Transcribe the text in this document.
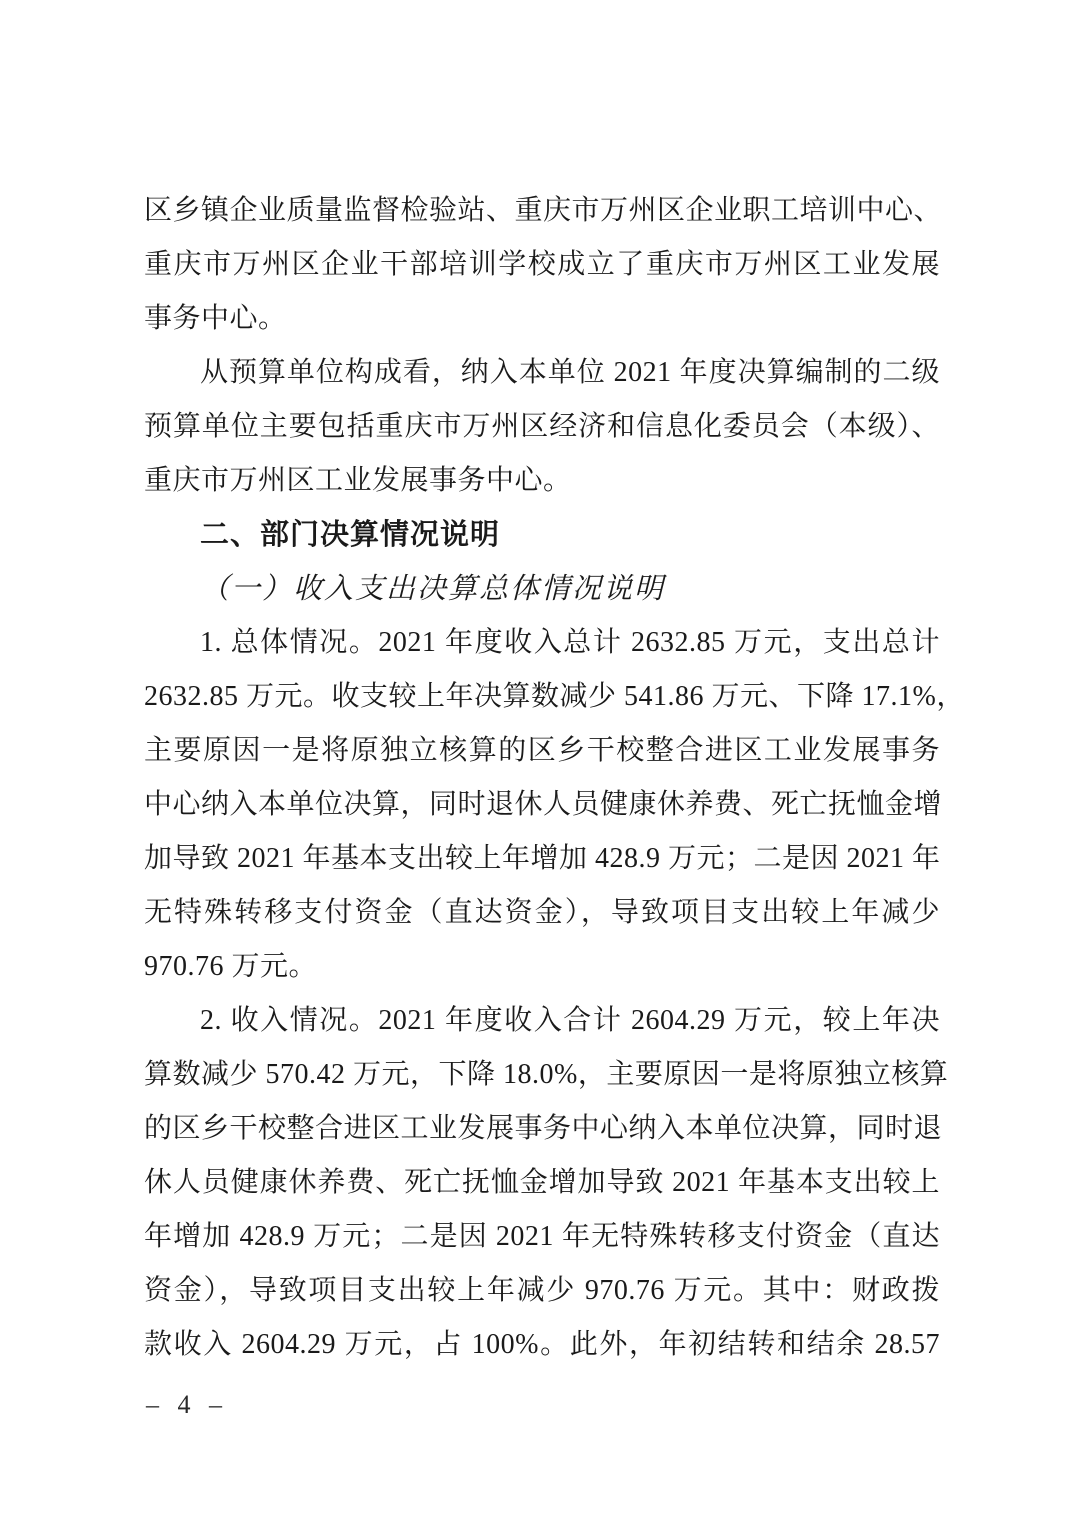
区乡镇企业质量监督检验站、重庆市万州区企业职工培训中心、
重庆市万州区企业干部培训学校成立了重庆市万州区工业发展
事务中心。
从预算单位构成看，纳入本单位 2021 年度决算编制的二级
预算单位主要包括重庆市万州区经济和信息化委员会（本级）、
重庆市万州区工业发展事务中心。
二、部门决算情况说明
（一）收入支出决算总体情况说明
1. 总体情况。2021 年度收入总计 2632.85 万元，支出总计
2632.85 万元。收支较上年决算数减少 541.86 万元、下降 17.1%，
主要原因一是将原独立核算的区乡干校整合进区工业发展事务
中心纳入本单位决算，同时退休人员健康休养费、死亡抚恤金增
加导致 2021 年基本支出较上年增加 428.9 万元；二是因 2021 年
无特殊转移支付资金（直达资金），导致项目支出较上年减少
970.76 万元。
2. 收入情况。2021 年度收入合计 2604.29 万元，较上年决
算数减少 570.42 万元，下降 18.0%，主要原因一是将原独立核算
的区乡干校整合进区工业发展事务中心纳入本单位决算，同时退
休人员健康休养费、死亡抚恤金增加导致 2021 年基本支出较上
年增加 428.9 万元；二是因 2021 年无特殊转移支付资金（直达
资金），导致项目支出较上年减少 970.76 万元。其中：财政拨
款收入 2604.29 万元，占 100%。此外，年初结转和结余 28.57
– 4 –
